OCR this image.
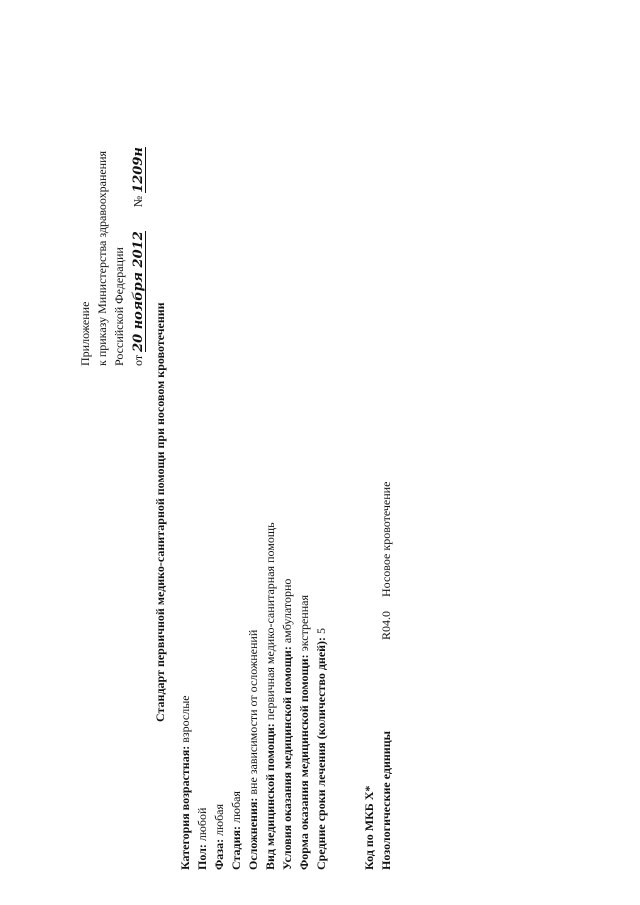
Приложение к приказу Министерства здравоохранения Российской Федерации от 20 ноября 2012  № 1209н
Стандарт первичной медико-санитарной помощи при носовом кровотечении
Категория возрастная: взрослые
Пол: любой
Фаза: любая
Стадия: любая Осложнения: вне зависимости от осложнений Вид медицинской помощи: первичная медико-санитарная помощь
Условия оказания медицинской помощи: амбулаторно
Форма оказания медицинской помощи: экстренная
Средние сроки лечения (количество дней): 5
Код по МКБ X* Нозологические единицы
R04.0Носовое кровотечение
